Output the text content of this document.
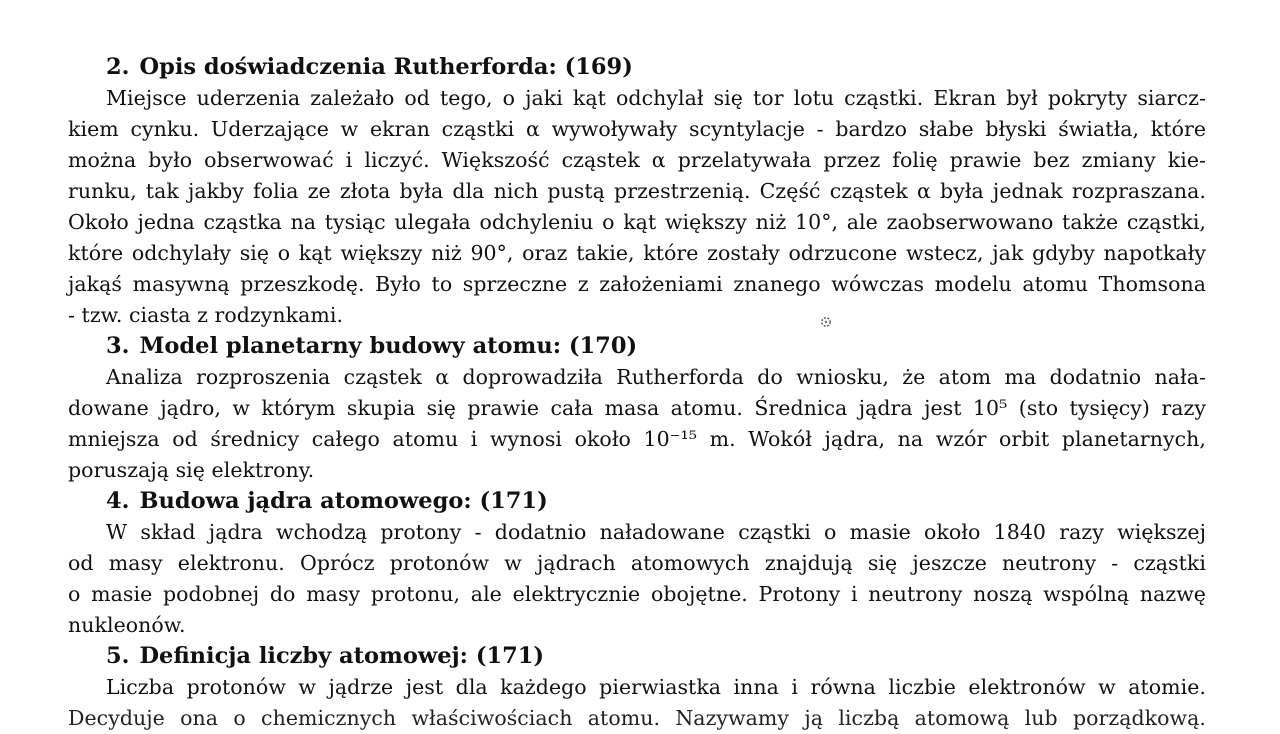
2. Opis doświadczenia Rutherforda: (169)
Miejsce uderzenia zależało od tego, o jaki kąt odchylał się tor lotu cząstki. Ekran był pokryty siarcz-
kiem cynku. Uderzające w ekran cząstki α wywoływały scyntylacje - bardzo słabe błyski światła, które
można było obserwować i liczyć. Większość cząstek α przelatywała przez folię prawie bez zmiany kie-
runku, tak jakby folia ze złota była dla nich pustą przestrzenią. Część cząstek α była jednak rozpraszana.
Około jedna cząstka na tysiąc ulegała odchyleniu o kąt większy niż 10°, ale zaobserwowano także cząstki,
które odchylały się o kąt większy niż 90°, oraz takie, które zostały odrzucone wstecz, jak gdyby napotkały
jakąś masywną przeszkodę. Było to sprzeczne z założeniami znanego wówczas modelu atomu Thomsona
- tzw. ciasta z rodzynkami.
3. Model planetarny budowy atomu: (170)
Analiza rozproszenia cząstek α doprowadziła Rutherforda do wniosku, że atom ma dodatnio nała-
dowane jądro, w którym skupia się prawie cała masa atomu. Średnica jądra jest 10⁵ (sto tysięcy) razy
mniejsza od średnicy całego atomu i wynosi około 10⁻¹⁵ m. Wokół jądra, na wzór orbit planetarnych,
poruszają się elektrony.
4. Budowa jądra atomowego: (171)
W skład jądra wchodzą protony - dodatnio naładowane cząstki o masie około 1840 razy większej
od masy elektronu. Oprócz protonów w jądrach atomowych znajdują się jeszcze neutrony - cząstki
o masie podobnej do masy protonu, ale elektrycznie obojętne. Protony i neutrony noszą wspólną nazwę
nukleonów.
5. Definicja liczby atomowej: (171)
Liczba protonów w jądrze jest dla każdego pierwiastka inna i równa liczbie elektronów w atomie.
Decyduje ona o chemicznych właściwościach atomu. Nazywamy ją liczbą atomową lub porządkową.
